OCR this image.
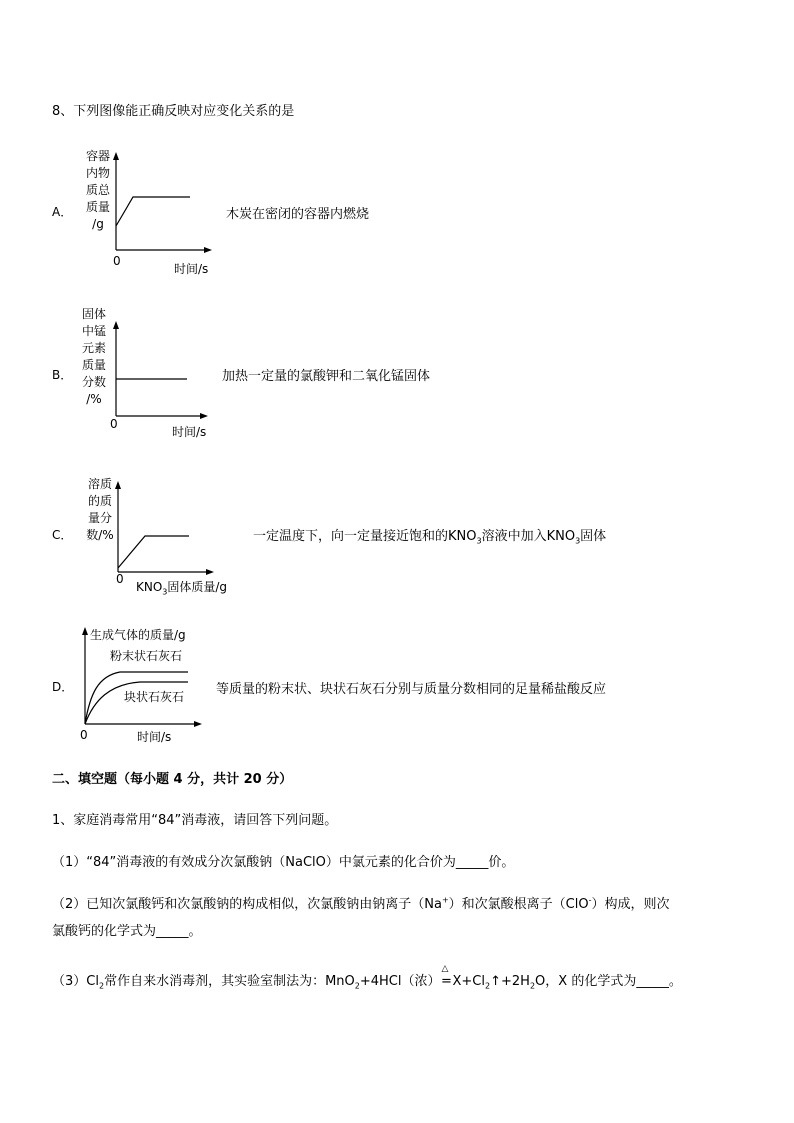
8、下列图像能正确反映对应变化关系的是
A．
容器
内物
质总
质量
/g
0
时间/s
木炭在密闭的容器内燃烧
B．
固体
中锰
元素
质量
分数
/%
0
时间/s
加热一定量的氯酸钾和二氧化锰固体
C．
溶质
的质
量分
数/%
0
$KNO_3$固体质量/g
一定温度下，向一定量接近饱和的$KNO_3$溶液中加入$KNO_3$固体
D．
生成气体的质量/g
粉末状石灰石
块状石灰石
0	时间/s
等质量的粉末状、块状石灰石分别与质量分数相同的足量稀盐酸反应
二、填空题（每小题 4 分，共计 20 分）
1、家庭消毒常用“84”消毒液，请回答下列问题。
（1）“84”消毒液的有效成分次氯酸钠（NaClO）中氯元素的化合价为_____价。
（2）已知次氯酸钙和次氯酸钠的构成相似，次氯酸钠由钠离子（Na+）和次氯酸根离子（ClO-）构成，则次
氯酸钙的化学式为_____。
$(3)Cl_2$常作自来水消毒剂，其实验室制法为：MnO$_2$+4HCl（浓）
△
$=X+Cl_2↑+2H_2O$，X 的化学式为_____。
